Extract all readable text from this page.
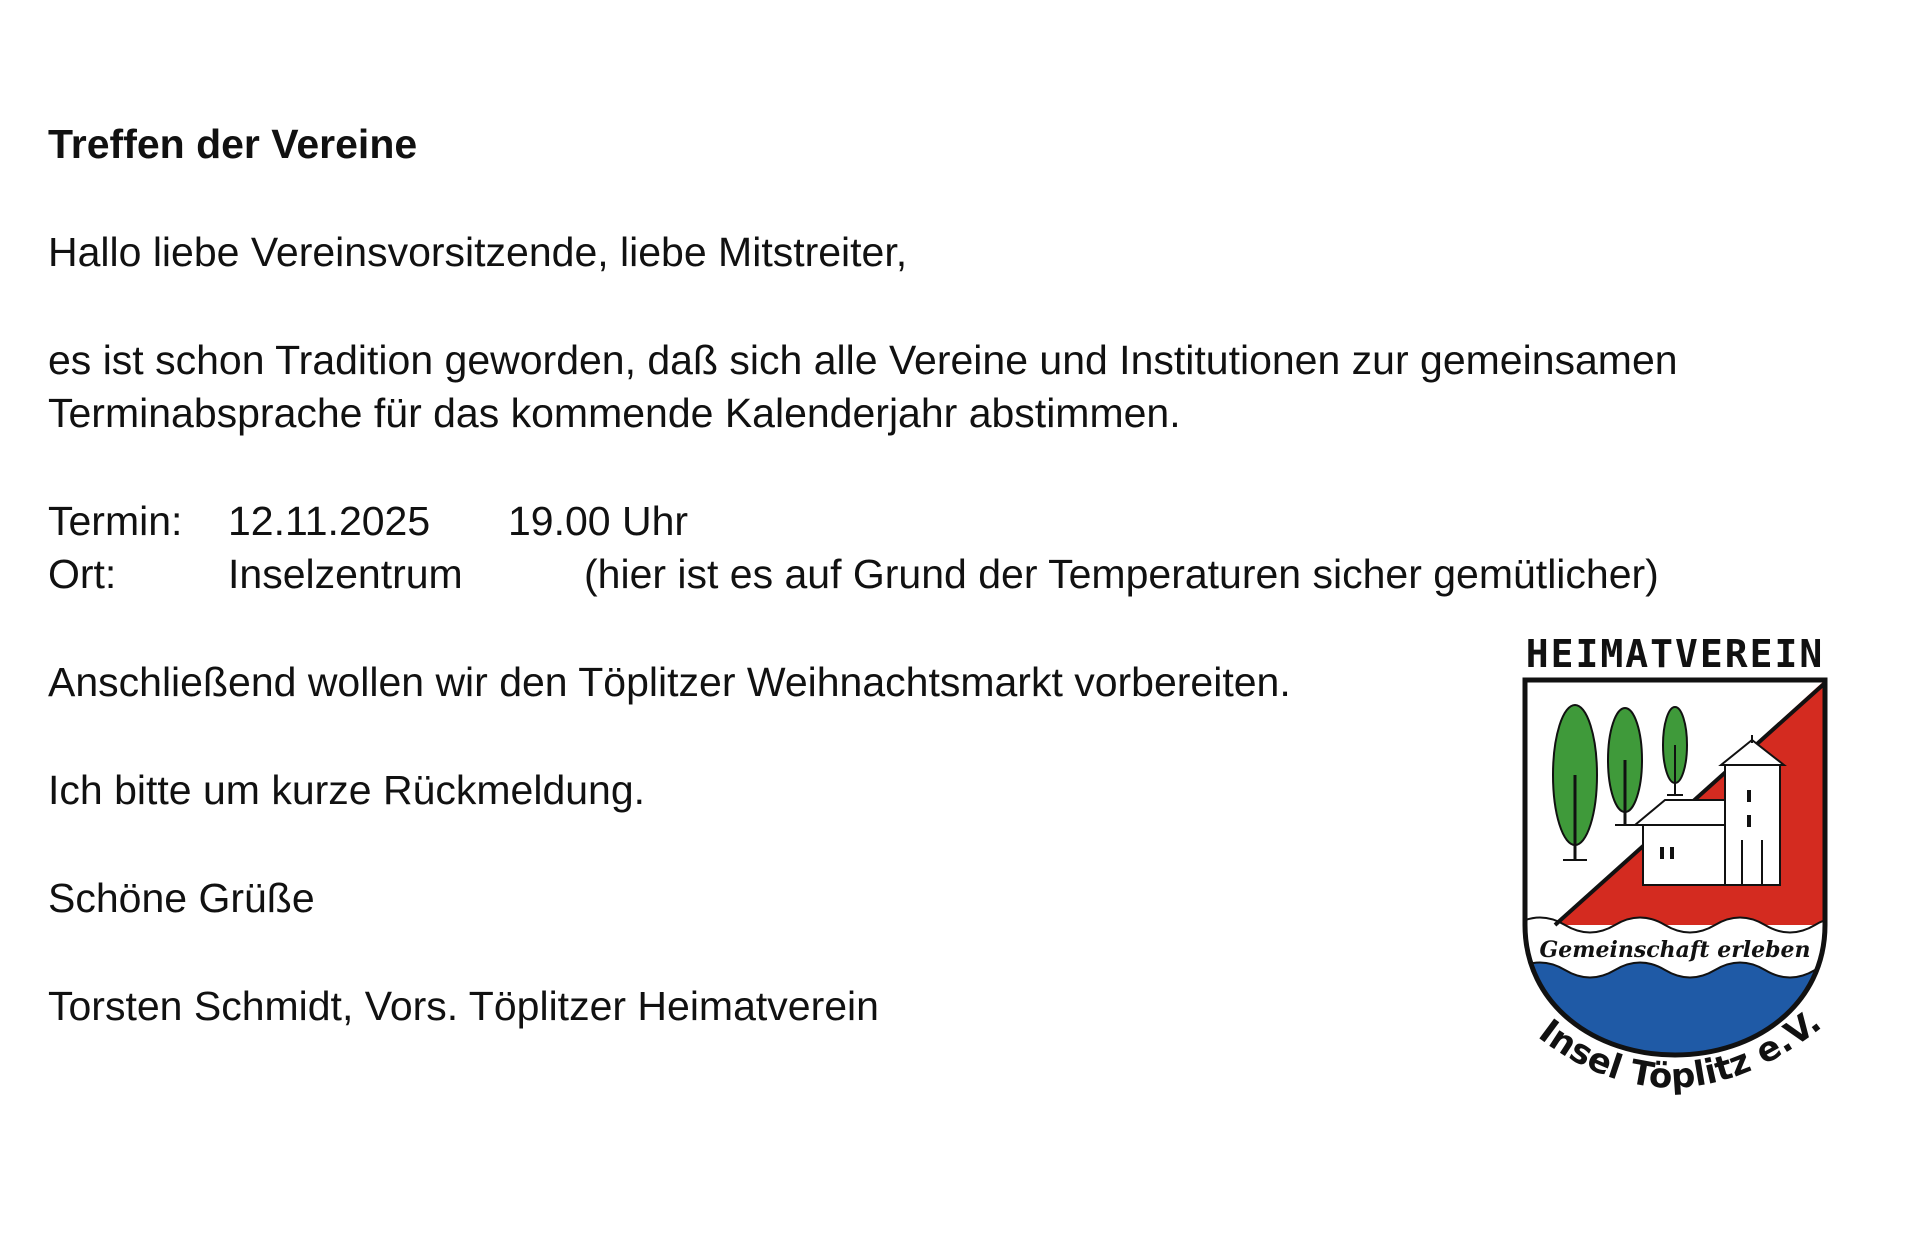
Treffen der Vereine
Hallo liebe Vereinsvorsitzende, liebe Mitstreiter,
es ist schon Tradition geworden, daß sich alle Vereine und Institutionen zur gemeinsamen
Terminabsprache für das kommende Kalenderjahr abstimmen.
Termin: 12.11.2025 19.00 Uhr
Ort:	Inselzentrum	(hier ist es auf Grund der Temperaturen sicher gemütlicher)
Anschließend wollen wir den Töplitzer Weihnachtsmarkt vorbereiten.
Ich bitte um kurze Rückmeldung.
Schöne Grüße
Torsten Schmidt, Vors. Töplitzer Heimatverein
HEIMATVEREIN
Gemeinschaft erleben
Insel Töplitz e.V.
